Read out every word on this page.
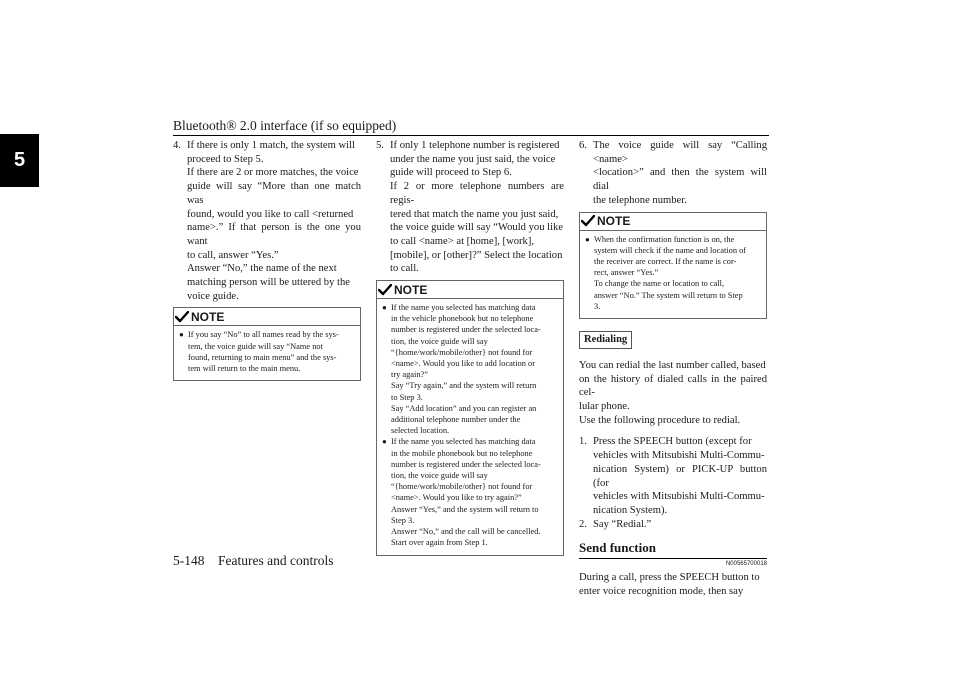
Bluetooth® 2.0 interface (if so equipped)
5
4. If there is only 1 match, the system will
proceed to Step 5.
If there are 2 or more matches, the voice
guide will say “More than one match was
found, would you like to call <returned
name>.” If that person is the one you want
to call, answer “Yes.”
Answer “No,” the name of the next
matching person will be uttered by the
voice guide.
NOTE
● If you say “No” to all names read by the sys-
tem, the voice guide will say “Name not
found, returning to main menu” and the sys-
tem will return to the main menu.
5. If only 1 telephone number is registered
under the name you just said, the voice
guide will proceed to Step 6.
If 2 or more telephone numbers are regis-
tered that match the name you just said,
the voice guide will say “Would you like
to call <name> at [home], [work],
[mobile], or [other]?” Select the location
to call.
NOTE
● If the name you selected has matching data
in the vehicle phonebook but no telephone
number is registered under the selected loca-
tion, the voice guide will say
“{home/work/mobile/other} not found for
<name>. Would you like to add location or
try again?”
Say “Try again,” and the system will return
to Step 3.
Say “Add location” and you can register an
additional telephone number under the
selected location.
● If the name you selected has matching data
in the mobile phonebook but no telephone
number is registered under the selected loca-
tion, the voice guide will say
“{home/work/mobile/other} not found for
<name>. Would you like to try again?”
Answer “Yes,” and the system will return to
Step 3.
Answer “No,” and the call will be cancelled.
Start over again from Step 1.
6. The voice guide will say “Calling <name>
<location>” and then the system will dial
the telephone number.
NOTE
● When the confirmation function is on, the
system will check if the name and location of
the receiver are correct. If the name is cor-
rect, answer “Yes.”
To change the name or location to call,
answer “No.” The system will return to Step
3.
Redialing
You can redial the last number called, based
on the history of dialed calls in the paired cel-
lular phone.
Use the following procedure to redial.
1. Press the SPEECH button (except for
vehicles with Mitsubishi Multi-Commu-
nication System) or PICK-UP button (for
vehicles with Mitsubishi Multi-Commu-
nication System).
2. Say “Redial.”
Send function
N00565700018
During a call, press the SPEECH button to
enter voice recognition mode, then say
5-148 Features and controls
